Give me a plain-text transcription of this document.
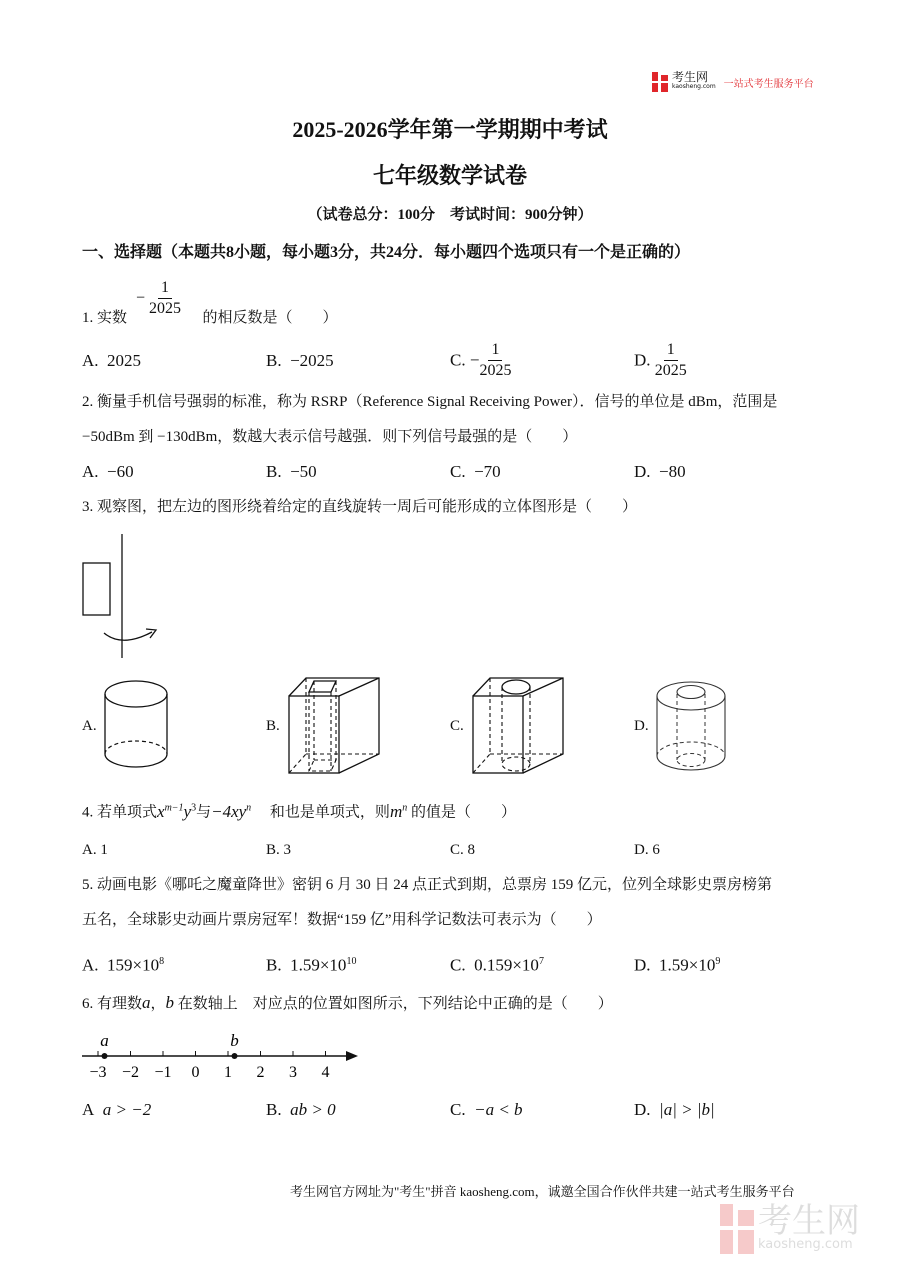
考生网
kaosheng.com 一站式考生服务平台
2025-2026学年第一学期期中考试
七年级数学试卷
（试卷总分：100分　考试时间：900分钟）
一、选择题（本题共8小题，每小题3分，共24分．每小题四个选项只有一个是正确的）
1. 实数	的相反数是（　　）
− $\frac{1}{2025}$
A. 2025	B. −2025	C. − $\frac{1}{2025}$	D. $\frac{1}{2025}$
2. 衡量手机信号强弱的标准，称为 RSRP（Reference Signal Receiving Power）．信号的单位是 dBm，范围是
−50dBm 到 −130dBm，数越大表示信号越强．则下列信号最强的是（　　）
A. −60	B. −50	C. −70	D. −80
3. 观察图，把左边的图形绕着给定的直线旋转一周后可能形成的立体图形是（　　）
A.	B.	C.	D.
4. 若单项式$x^{m-1}y^3$与$-4xy^n$  和也是单项式，则$m^n$ 的值是（　　）
A. 1	B. 3	C. 8	D. 6
5. 动画电影《哪吒之魔童降世》密钥 6 月 30 日 24 点正式到期，总票房 159 亿元，位列全球影史票房榜第
五名，全球影史动画片票房冠军！数据“159 亿”用科学记数法可表示为（　　）
A. $159\times 10^8$	B. $1.59\times 10^{10}$	C. $0.159\times 10^7$	D. $1.59\times 10^9$
6. 有理数a，b 在数轴上　对应点的位置如图所示，下列结论中正确的是（　　）
−3 −2 −1 0 1 2 3 4
a	b
A a > −2	B. ab > 0	C. −a < b	D. |a| > |b|
考生网官方网址为"考生"拼音 kaosheng.com，诚邀全国合作伙伴共建一站式考生服务平台

考生网
kaosheng.com
